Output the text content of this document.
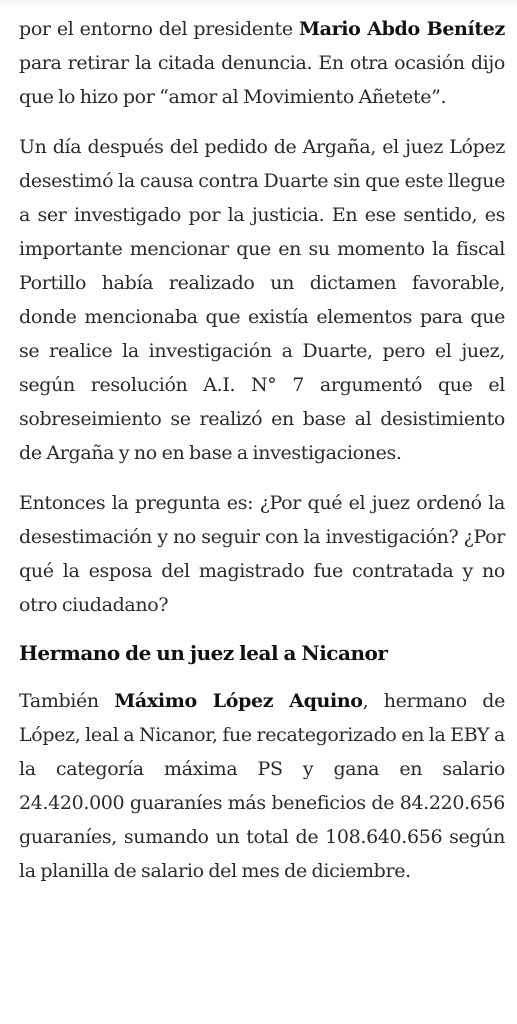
por el entorno del presidente Mario Abdo Benítez para retirar la citada denuncia. En otra ocasión dijo que lo hizo por “amor al Movimiento Añetete”.

Un día después del pedido de Argaña, el juez López desestimó la causa contra Duarte sin que este llegue a ser investigado por la justicia. En ese sentido, es importante mencionar que en su momento la fiscal Portillo había realizado un dictamen favorable, donde mencionaba que existía elementos para que se realice la investigación a Duarte, pero el juez, según resolución A.I. N° 7 argumentó que el sobreseimiento se realizó en base al desistimiento de Argaña y no en base a investigaciones.

Entonces la pregunta es: ¿Por qué el juez ordenó la desestimación y no seguir con la investigación? ¿Por qué la esposa del magistrado fue contratada y no otro ciudadano?

Hermano de un juez leal a Nicanor

También Máximo López Aquino, hermano de López, leal a Nicanor, fue recategorizado en la EBY a la categoría máxima PS y gana en salario 24.420.000 guaraníes más beneficios de 84.220.656 guaraníes, sumando un total de 108.640.656 según la planilla de salario del mes de diciembre.
